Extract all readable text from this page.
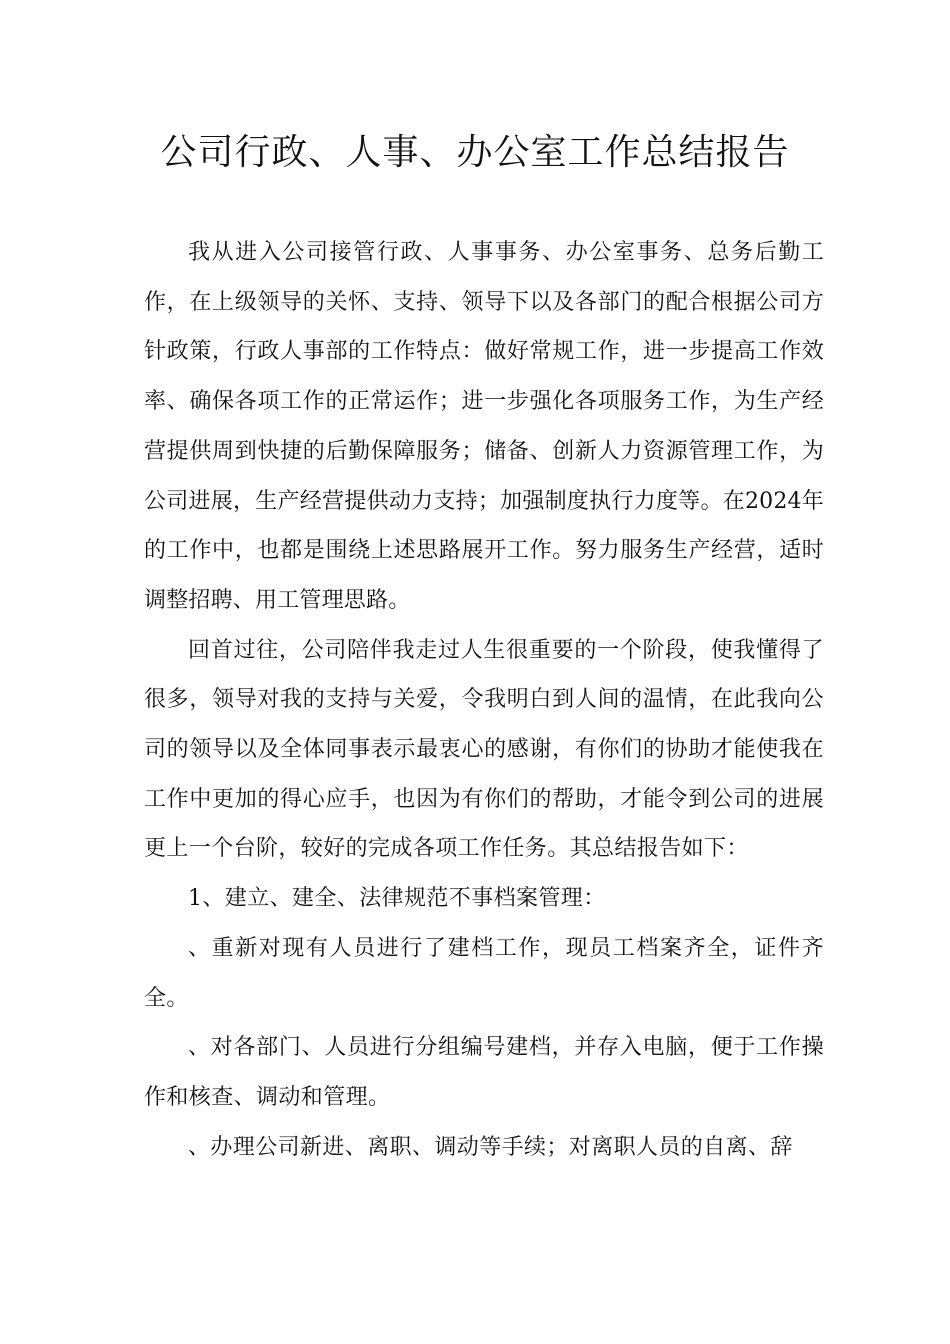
公司行政、人事、办公室工作总结报告

我从进入公司接管行政、人事事务、办公室事务、总务后勤工作，在上级领导的关怀、支持、领导下以及各部门的配合根据公司方针政策，行政人事部的工作特点：做好常规工作，进一步提高工作效率、确保各项工作的正常运作；进一步强化各项服务工作，为生产经营提供周到快捷的后勤保障服务；储备、创新人力资源管理工作，为公司进展，生产经营提供动力支持；加强制度执行力度等。在2024年的工作中，也都是围绕上述思路展开工作。努力服务生产经营，适时调整招聘、用工管理思路。

回首过往，公司陪伴我走过人生很重要的一个阶段，使我懂得了很多，领导对我的支持与关爱，令我明白到人间的温情，在此我向公司的领导以及全体同事表示最衷心的感谢，有你们的协助才能使我在工作中更加的得心应手，也因为有你们的帮助，才能令到公司的进展更上一个台阶，较好的完成各项工作任务。其总结报告如下：

1、建立、建全、法律规范不事档案管理：

、重新对现有人员进行了建档工作，现员工档案齐全，证件齐全。

、对各部门、人员进行分组编号建档，并存入电脑，便于工作操作和核查、调动和管理。

、办理公司新进、离职、调动等手续；对离职人员的自离、辞
